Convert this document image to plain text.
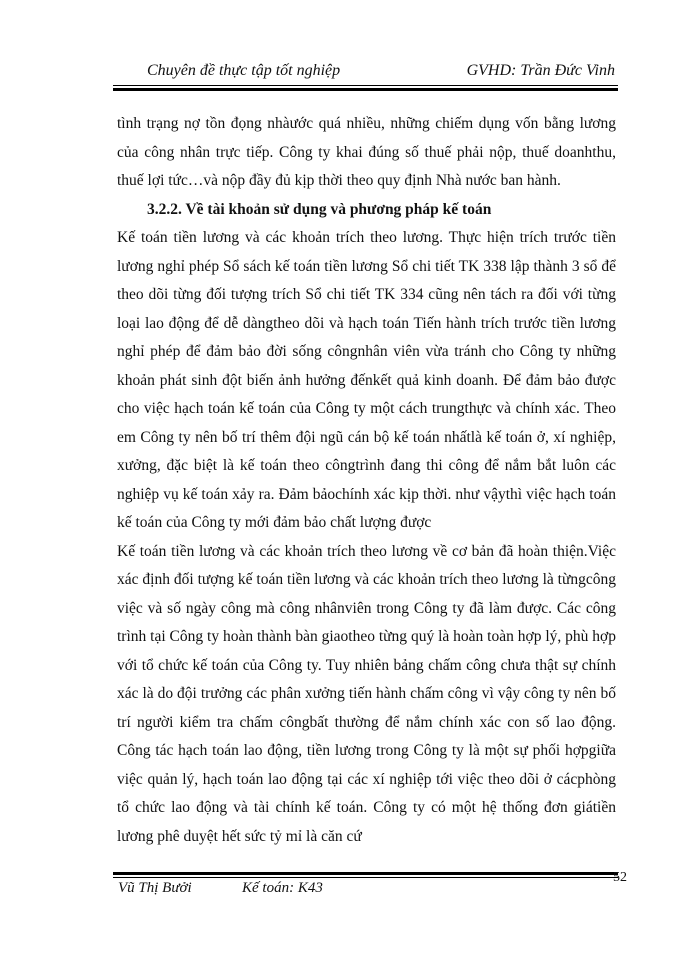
Chuyên đề thực tập tốt nghiệp	GVHD: Trần Đức Vinh

tình trạng nợ tồn đọng nhàước quá nhiều, những chiếm dụng vốn bằng lương của công nhân trực tiếp. Công ty khai đúng số thuế phải nộp, thuế doanhthu, thuế lợi tức…và nộp đầy đủ kịp thời theo quy định Nhà nước ban hành.

3.2.2. Về tài khoản sử dụng và phương pháp kế toán

Kế toán tiền lương và các khoản trích theo lương. Thực hiện trích trước tiền lương nghỉ phép Sổ sách kế toán tiền lương Sổ chi tiết TK 338 lập thành 3 sổ để theo dõi từng đối tượng trích Sổ chi tiết TK 334 cũng nên tách ra đối với từng loại lao động để dễ dàngtheo dõi và hạch toán Tiến hành trích trước tiền lương nghỉ phép để đảm bảo đời sống côngnhân viên vừa tránh cho Công ty những khoản phát sinh đột biến ảnh hưởng đếnkết quả kinh doanh. Để đảm bảo được cho việc hạch toán kế toán của Công ty một cách trungthực và chính xác. Theo em Công ty nên bố trí thêm đội ngũ cán bộ kế toán nhấtlà kế toán ở, xí nghiệp, xưởng, đặc biệt là kế toán theo côngtrình đang thi công để nắm bắt luôn các nghiệp vụ kế toán xảy ra. Đảm bảochính xác kịp thời. như vậythì việc hạch toán kế toán của Công ty mới đảm bảo chất lượng được

Kế toán tiền lương và các khoản trích theo lương về cơ bản đã hoàn thiện.Việc xác định đối tượng kế toán tiền lương và các khoản trích theo lương là từngcông việc và số ngày công mà công nhânviên trong Công ty đã làm được. Các công trình tại Công ty hoàn thành bàn giaotheo từng quý là hoàn toàn hợp lý, phù hợp với tổ chức kế toán của Công ty. Tuy nhiên bảng chấm công chưa thật sự chính xác là do đội trưởng các phân xưởng tiến hành chấm công vì vậy công ty nên bố trí người kiểm tra chấm côngbất thường để nắm chính xác con số lao động. Công tác hạch toán lao động, tiền lương trong Công ty là một sự phối hợpgiữa việc quản lý, hạch toán lao động tại các xí nghiệp tới việc theo dõi ở cácphòng tổ chức lao động và tài chính kế toán. Công ty có một hệ thống đơn giátiền lương phê duyệt hết sức tỷ mỉ là căn cứ

52
Vũ Thị Bưởi	Kế toán: K43
